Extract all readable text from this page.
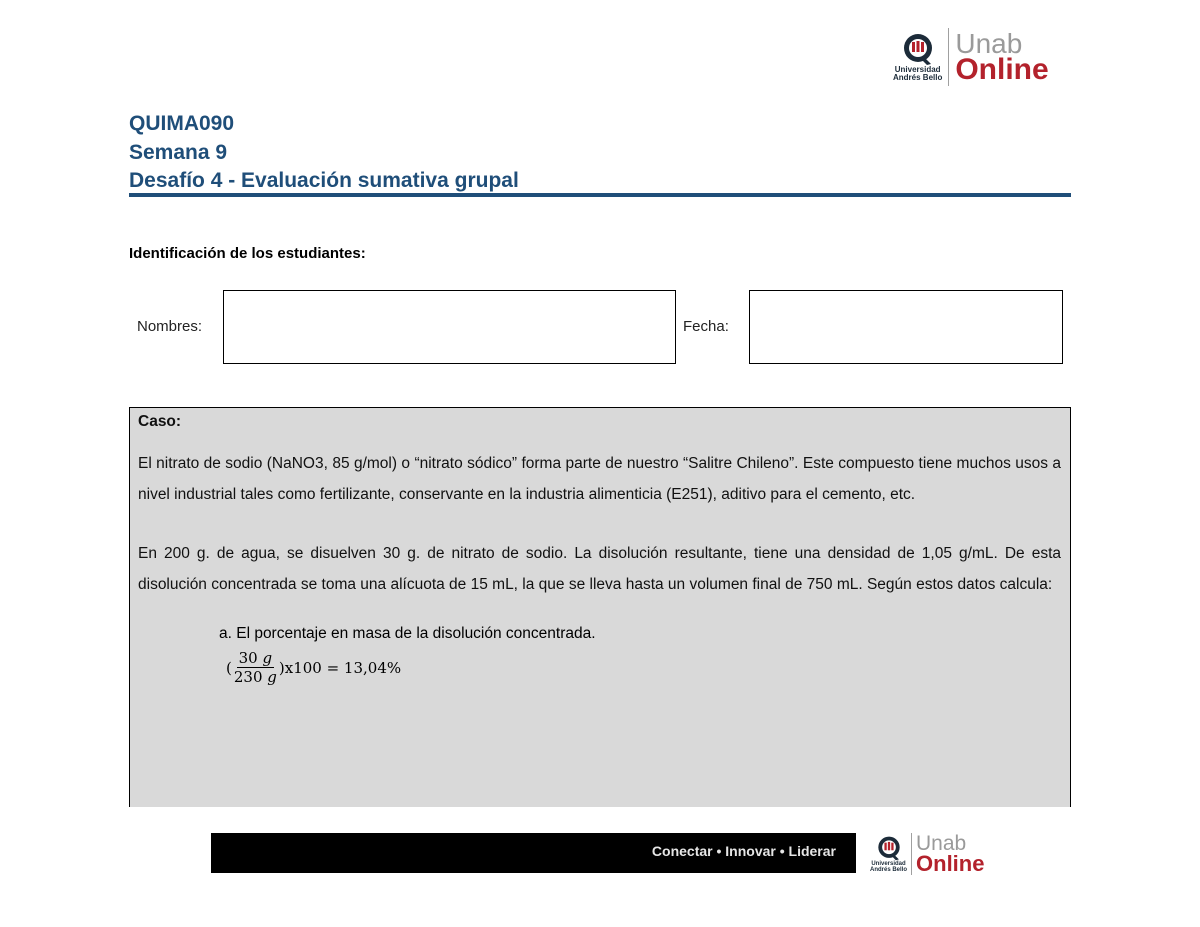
Universidad
Andrés Bello
Unab
Online
QUIMA090
Semana 9
Desafío 4 - Evaluación sumativa grupal
Identificación de los estudiantes:
Nombres:	Fecha:

Caso:

El nitrato de sodio (NaNO3, 85 g/mol) o “nitrato sódico” forma parte de nuestro “Salitre Chileno”. Este compuesto tiene muchos usos a nivel industrial tales como fertilizante, conservante en la industria alimenticia (E251), aditivo para el cemento, etc.

En 200 g. de agua, se disuelven 30 g. de nitrato de sodio. La disolución resultante, tiene una densidad de 1,05 g/mL. De esta disolución concentrada se toma una alícuota de 15 mL, la que se lleva hasta un volumen final de 750 mL. Según estos datos calcula:

a. El porcentaje en masa de la disolución concentrada.
( $\frac{30 g}{230 g} )x100 = 13,04\%$
Conectar • Innovar • Liderar
Universidad
Andrés Bello
Unab
Online
